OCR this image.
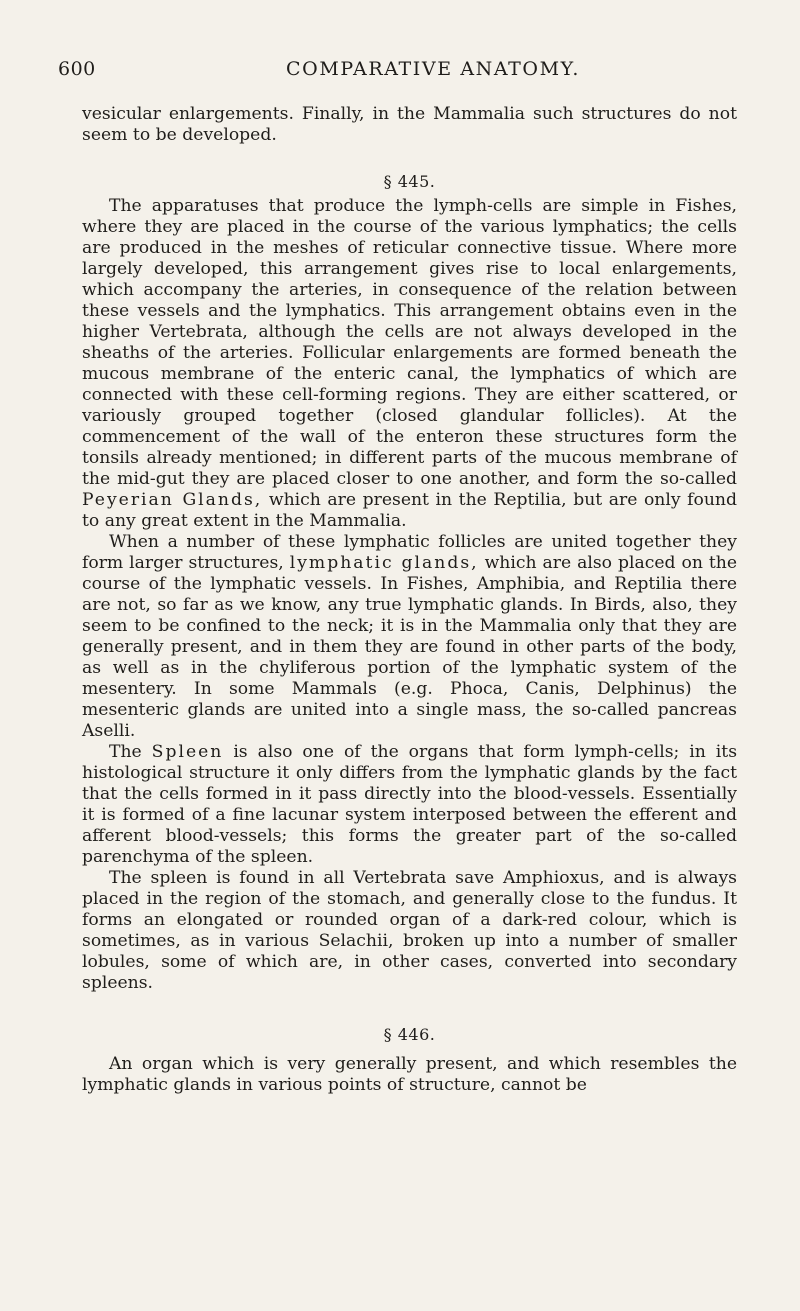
600	COMPARATIVE ANATOMY.

vesicular enlargements. Finally, in the Mammalia such structures do not seem to be developed.

§ 445.

The apparatuses that produce the lymph-cells are simple in Fishes, where they are placed in the course of the various lymphatics; the cells are produced in the meshes of reticular connective tissue. Where more largely developed, this arrangement gives rise to local enlargements, which accompany the arteries, in consequence of the relation between these vessels and the lymphatics. This arrangement obtains even in the higher Vertebrata, although the cells are not always developed in the sheaths of the arteries. Follicular enlargements are formed beneath the mucous membrane of the enteric canal, the lymphatics of which are connected with these cell-forming regions. They are either scattered, or variously grouped together (closed glandular follicles). At the commencement of the wall of the enteron these structures form the tonsils already mentioned; in different parts of the mucous membrane of the mid-gut they are placed closer to one another, and form the so-called Peyerian Glands, which are present in the Reptilia, but are only found to any great extent in the Mammalia.

When a number of these lymphatic follicles are united together they form larger structures, lymphatic glands, which are also placed on the course of the lymphatic vessels. In Fishes, Amphibia, and Reptilia there are not, so far as we know, any true lymphatic glands. In Birds, also, they seem to be confined to the neck; it is in the Mammalia only that they are generally present, and in them they are found in other parts of the body, as well as in the chyliferous portion of the lymphatic system of the mesentery. In some Mammals (e.g. Phoca, Canis, Delphinus) the mesenteric glands are united into a single mass, the so-called pancreas Aselli.

The Spleen is also one of the organs that form lymph-cells; in its histological structure it only differs from the lymphatic glands by the fact that the cells formed in it pass directly into the blood-vessels. Essentially it is formed of a fine lacunar system interposed between the efferent and afferent blood-vessels; this forms the greater part of the so-called parenchyma of the spleen.

The spleen is found in all Vertebrata save Amphioxus, and is always placed in the region of the stomach, and generally close to the fundus. It forms an elongated or rounded organ of a dark-red colour, which is sometimes, as in various Selachii, broken up into a number of smaller lobules, some of which are, in other cases, converted into secondary spleens.

§ 446.

An organ which is very generally present, and which resembles the lymphatic glands in various points of structure, cannot be
